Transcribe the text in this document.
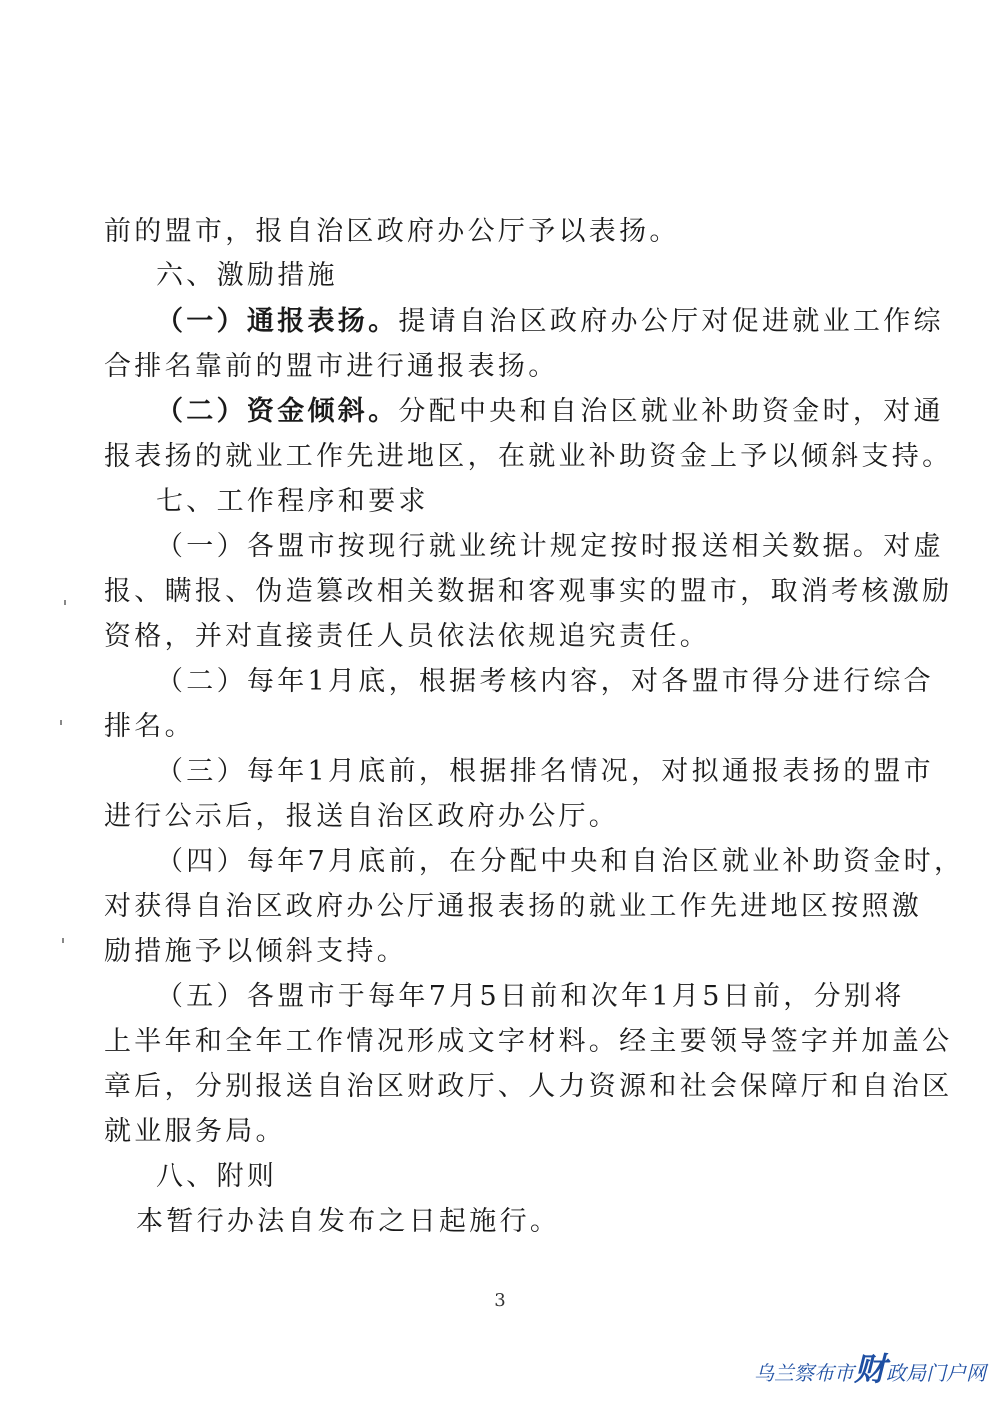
前的盟市，报自治区政府办公厅予以表扬。
六、激励措施
（一）通报表扬。提请自治区政府办公厅对促进就业工作综
合排名靠前的盟市进行通报表扬。
（二）资金倾斜。分配中央和自治区就业补助资金时，对通
报表扬的就业工作先进地区，在就业补助资金上予以倾斜支持。
七、工作程序和要求
（一）各盟市按现行就业统计规定按时报送相关数据。对虚
报、瞒报、伪造篡改相关数据和客观事实的盟市，取消考核激励
资格，并对直接责任人员依法依规追究责任。
（二）每年1月底，根据考核内容，对各盟市得分进行综合
排名。
（三）每年1月底前，根据排名情况，对拟通报表扬的盟市
进行公示后，报送自治区政府办公厅。
（四）每年7月底前，在分配中央和自治区就业补助资金时，
对获得自治区政府办公厅通报表扬的就业工作先进地区按照激
励措施予以倾斜支持。
（五）各盟市于每年7月5日前和次年1月5日前，分别将
上半年和全年工作情况形成文字材料。经主要领导签字并加盖公
章后，分别报送自治区财政厅、人力资源和社会保障厅和自治区
就业服务局。
八、附则
本暂行办法自发布之日起施行。
3
乌兰察布市财政局门户网
